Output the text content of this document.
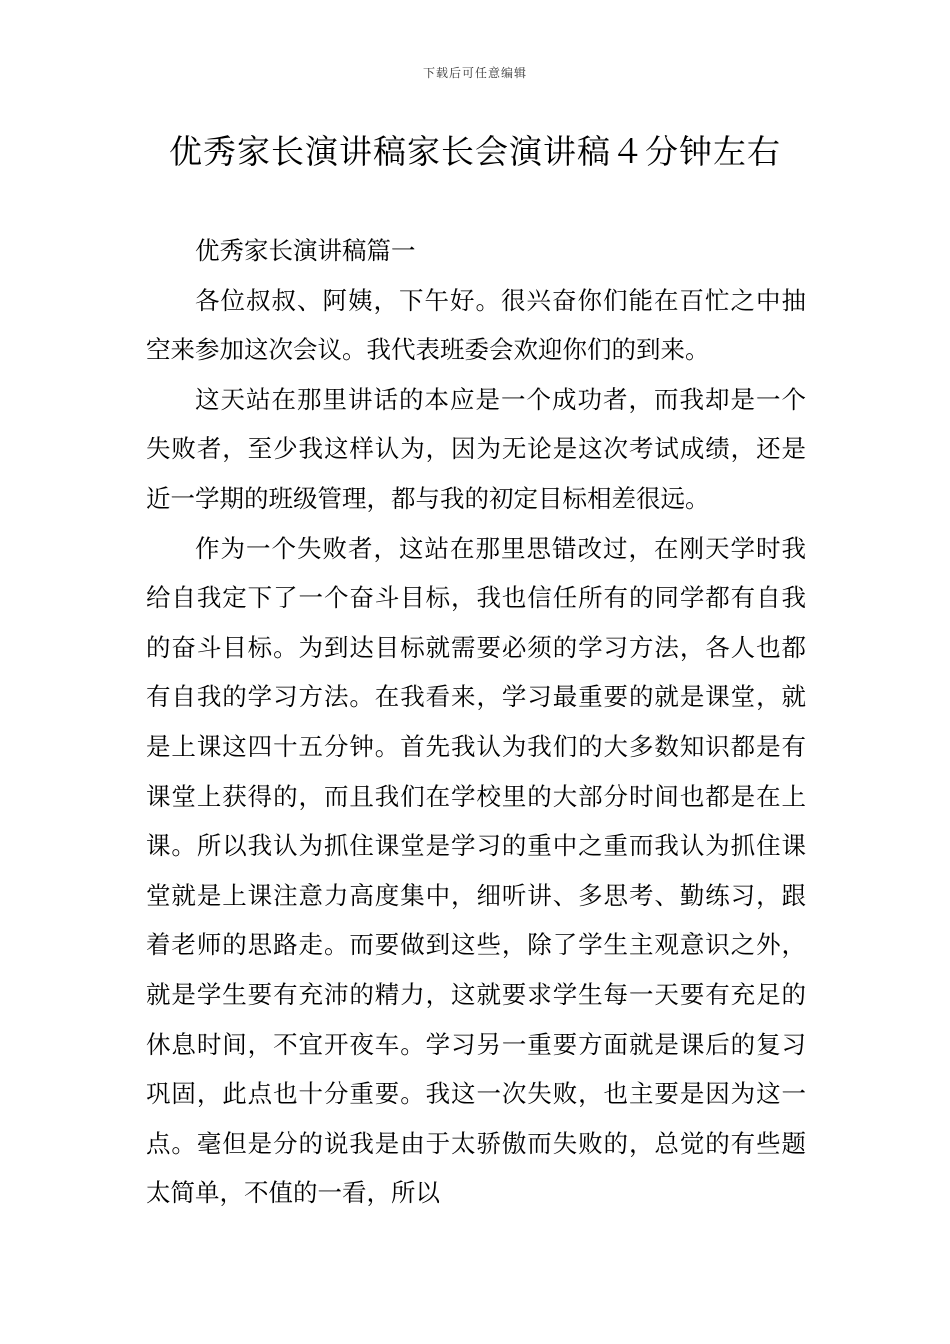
下载后可任意编辑
优秀家长演讲稿家长会演讲稿４分钟左右

优秀家长演讲稿篇一

各位叔叔、阿姨，下午好。很兴奋你们能在百忙之中抽空来参加这次会议。我代表班委会欢迎你们的到来。

这天站在那里讲话的本应是一个成功者，而我却是一个失败者，至少我这样认为，因为无论是这次考试成绩，还是近一学期的班级管理，都与我的初定目标相差很远。

作为一个失败者，这站在那里思错改过，在刚天学时我给自我定下了一个奋斗目标，我也信任所有的同学都有自我的奋斗目标。为到达目标就需要必须的学习方法，各人也都有自我的学习方法。在我看来，学习最重要的就是课堂，就是上课这四十五分钟。首先我认为我们的大多数知识都是有课堂上获得的，而且我们在学校里的大部分时间也都是在上课。所以我认为抓住课堂是学习的重中之重而我认为抓住课堂就是上课注意力高度集中，细听讲、多思考、勤练习，跟着老师的思路走。而要做到这些，除了学生主观意识之外，就是学生要有充沛的精力，这就要求学生每一天要有充足的休息时间，不宜开夜车。学习另一重要方面就是课后的复习巩固，此点也十分重要。我这一次失败，也主要是因为这一点。毫但是分的说我是由于太骄傲而失败的，总觉的有些题太简单，不值的一看，所以
